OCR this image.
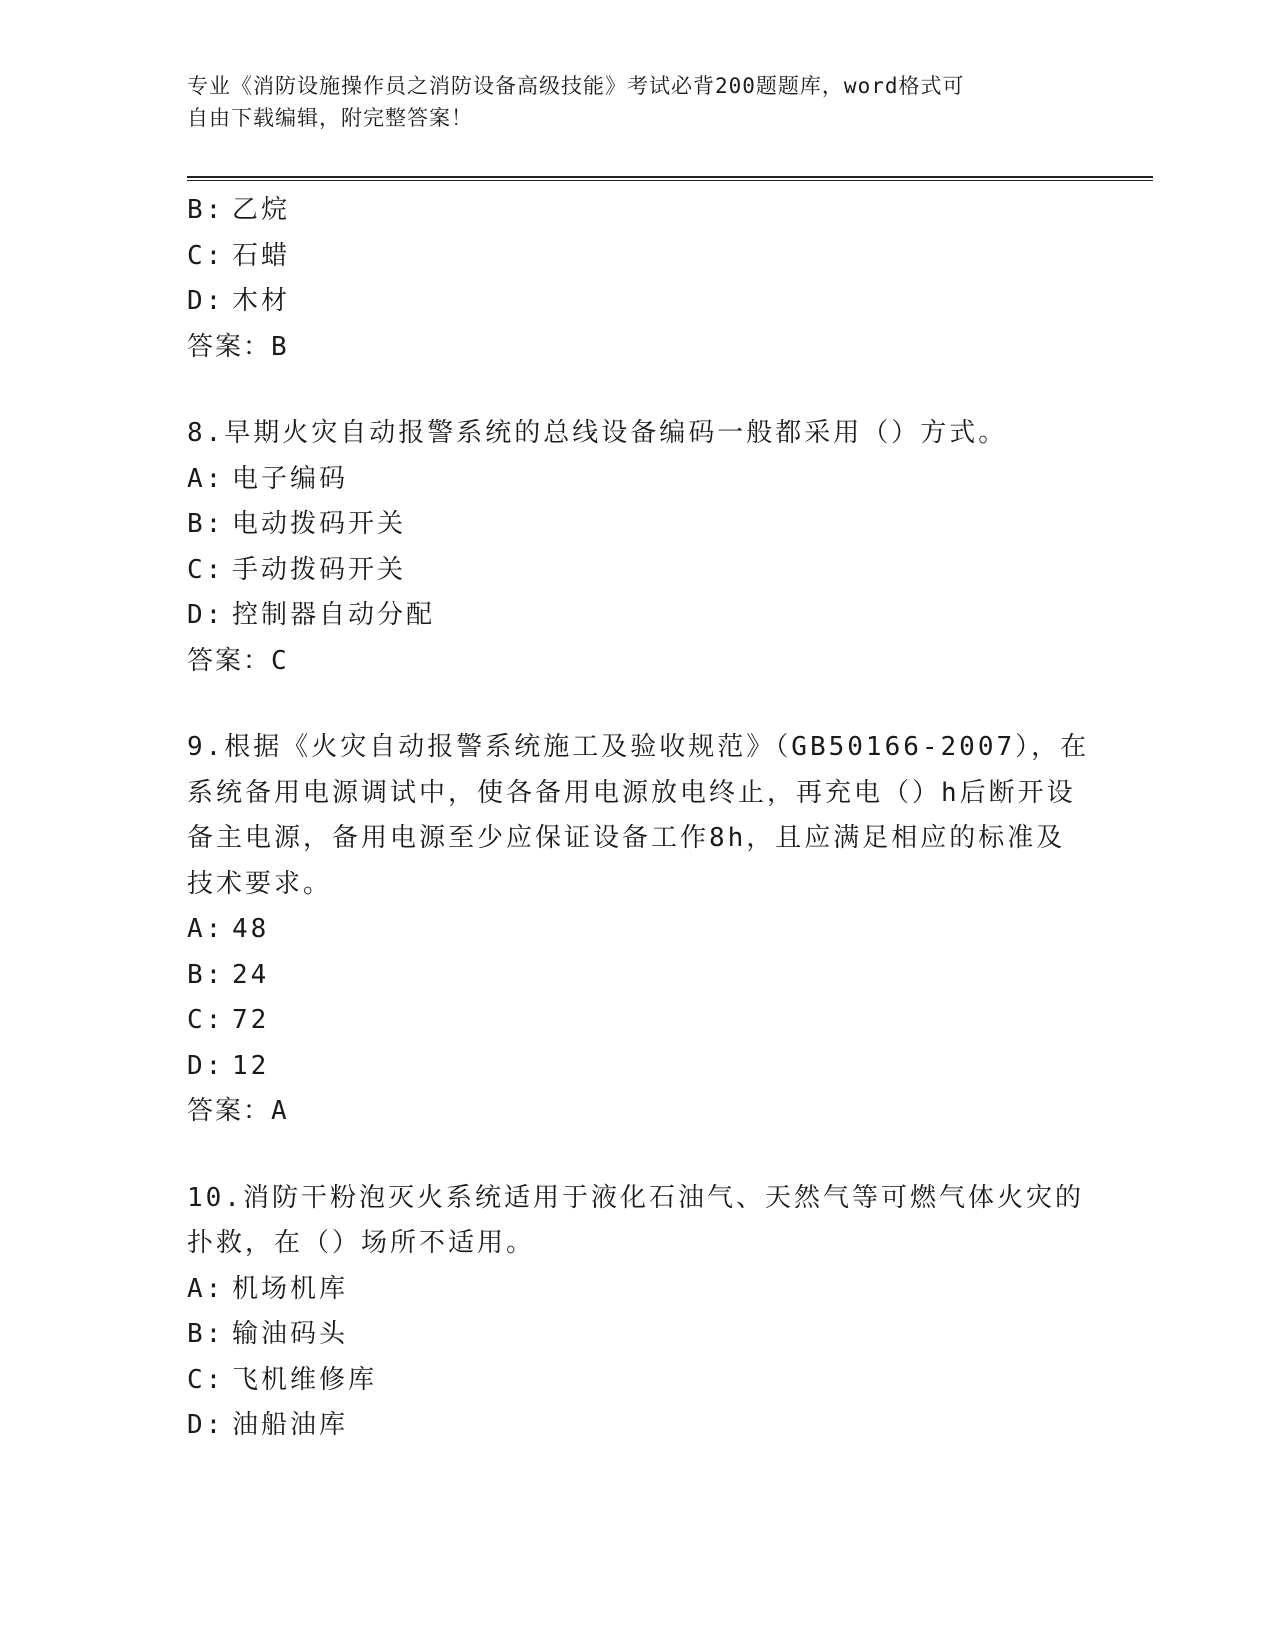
专业《消防设施操作员之消防设备高级技能》考试必背200题题库，word格式可
自由下载编辑，附完整答案！
B: 乙烷
C: 石蜡
D: 木材
答案：B
8.早期火灾自动报警系统的总线设备编码一般都采用（）方式。
A: 电子编码
B: 电动拨码开关
C: 手动拨码开关
D: 控制器自动分配
答案：C
9.根据《火灾自动报警系统施工及验收规范》（GB50166-2007），在
系统备用电源调试中，使各备用电源放电终止，再充电（）h后断开设
备主电源，备用电源至少应保证设备工作8h，且应满足相应的标准及
技术要求。
A: 48
B: 24
C: 72
D: 12
答案：A
10.消防干粉泡灭火系统适用于液化石油气、天然气等可燃气体火灾的
扑救，在（）场所不适用。
A: 机场机库
B: 输油码头
C: 飞机维修库
D: 油船油库
